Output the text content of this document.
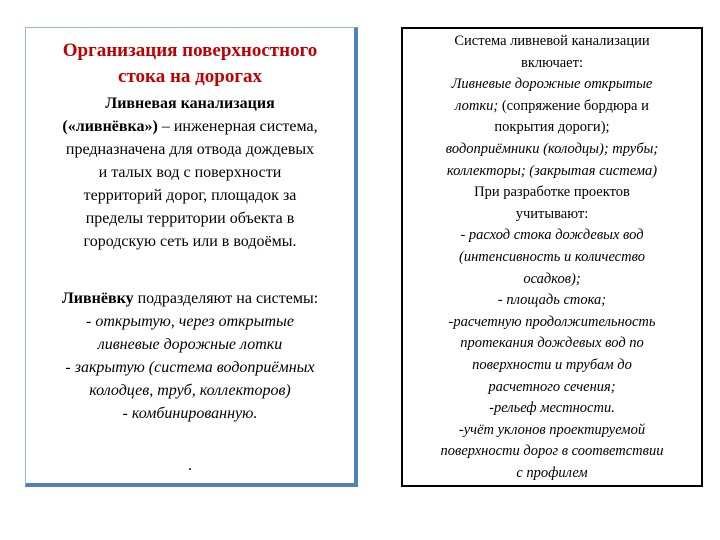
Организация поверхностного
стока на дорогах
Ливневая канализация
(«ливнёвка») – инженерная система,
предназначена для отвода дождевых
и талых вод с поверхности
территорий дорог, площадок за
пределы территории объекта в
городскую сеть или в водоёмы.
Ливнёвку подразделяют на системы:
- открытую, через открытые
ливневые дорожные лотки
- закрытую (система водоприёмных
колодцев, труб, коллекторов)
- комбинированную.
.
Система ливневой канализации
включает:
Ливневые дорожные открытые
лотки; (сопряжение бордюра и
покрытия дороги);
водоприёмники (колодцы); трубы;
коллекторы; (закрытая система)
При разработке проектов
учитывают:
- расход стока дождевых вод
(интенсивность и количество
осадков);
- площадь стока;
-расчетную продолжительность
протекания дождевых вод по
поверхности и трубам до
расчетного сечения;
-рельеф местности.
-учёт уклонов проектируемой
поверхности дорог в соответствии
с профилем
